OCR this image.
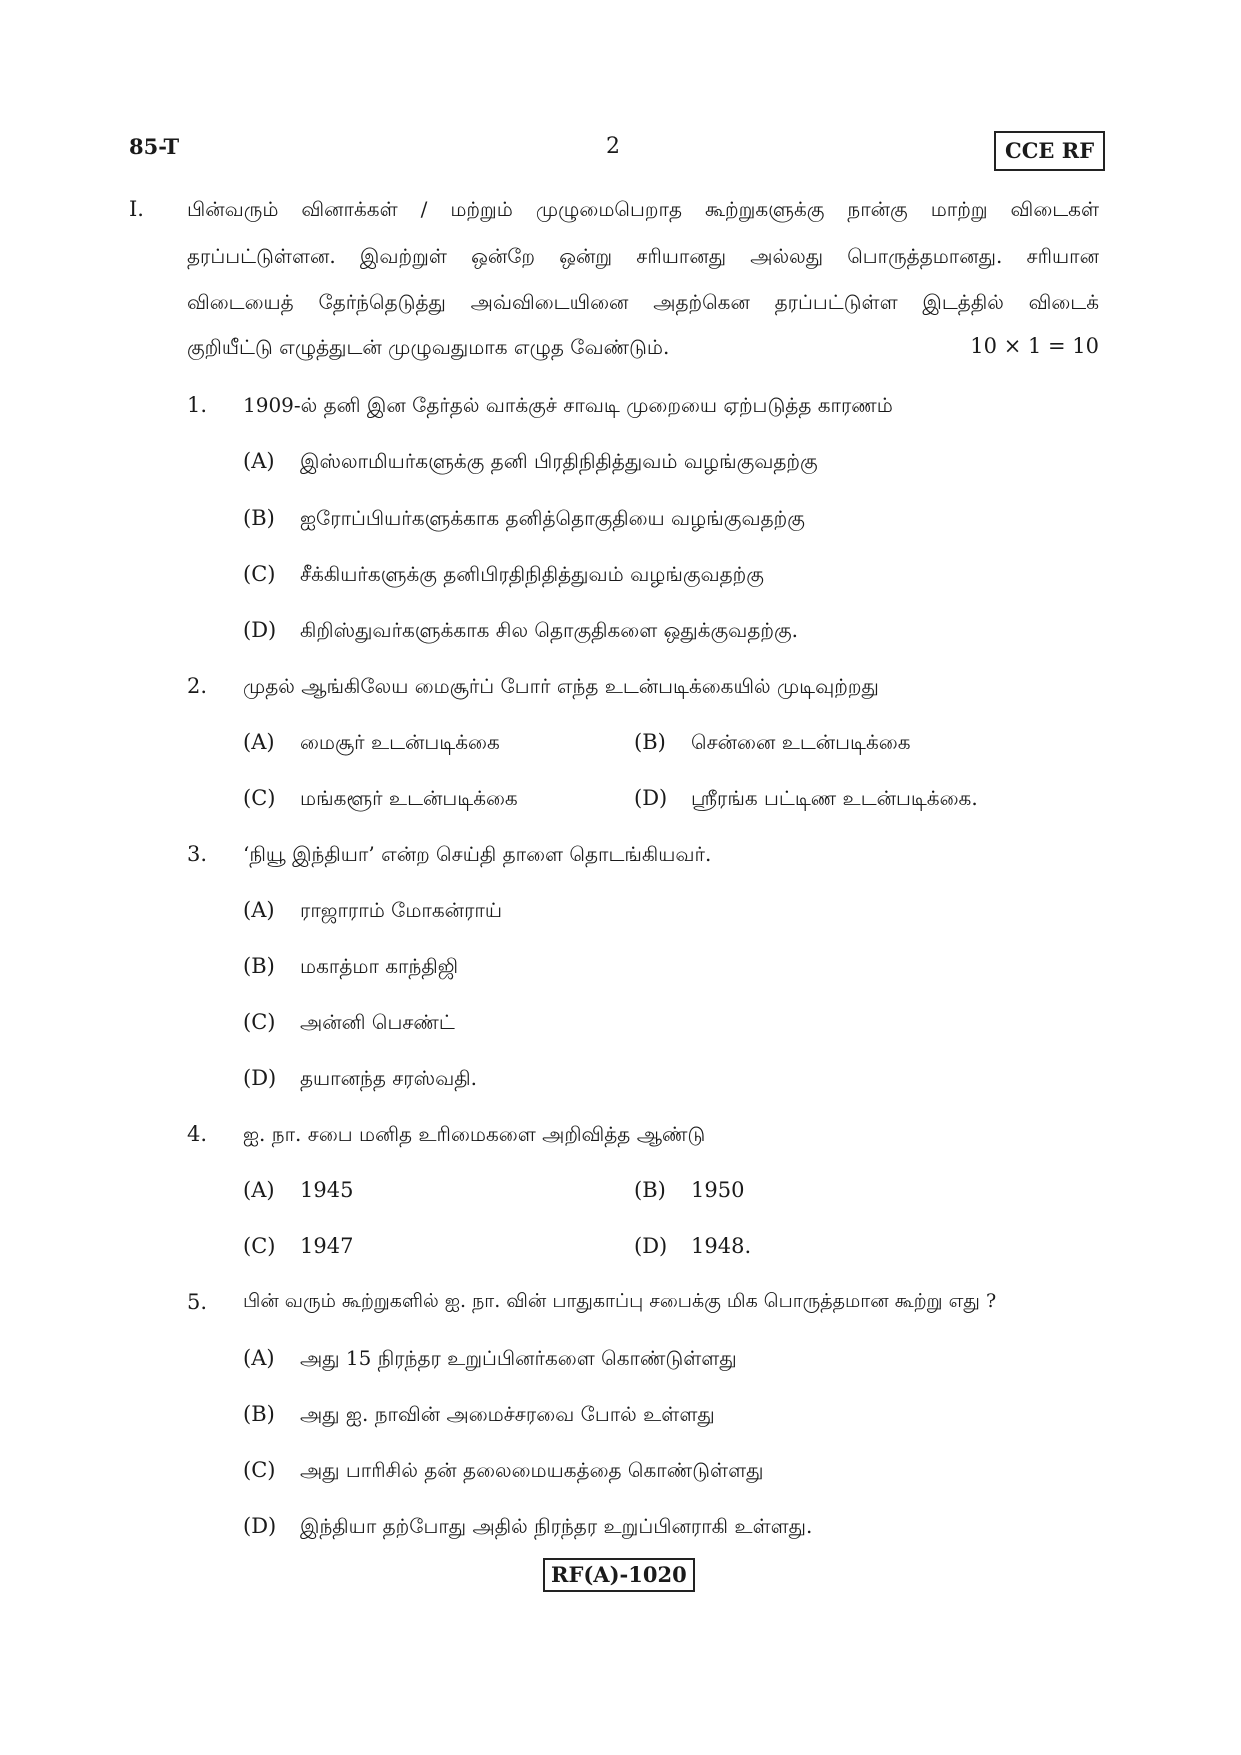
85-T	2	CCE RF
I. பின்வரும் வினாக்கள் / மற்றும் முழுமைபெறாத கூற்றுகளுக்கு நான்கு மாற்று விடைகள்
தரப்பட்டுள்ளன. இவற்றுள் ஒன்றே ஒன்று சரியானது அல்லது பொருத்தமானது. சரியான
விடையைத் தேர்ந்தெடுத்து அவ்விடையினை அதற்கென தரப்பட்டுள்ள இடத்தில் விடைக்
குறியீட்டு எழுத்துடன் முழுவதுமாக எழுத வேண்டும்.	10 × 1 = 10
1. 1909-ல் தனி இன தேர்தல் வாக்குச் சாவடி முறையை ஏற்படுத்த காரணம்
(A) இஸ்லாமியர்களுக்கு தனி பிரதிநிதித்துவம் வழங்குவதற்கு
(B) ஐரோப்பியர்களுக்காக தனித்தொகுதியை வழங்குவதற்கு
(C) சீக்கியர்களுக்கு தனிபிரதிநிதித்துவம் வழங்குவதற்கு
(D) கிறிஸ்துவர்களுக்காக சில தொகுதிகளை ஒதுக்குவதற்கு.
2. முதல் ஆங்கிலேய மைசூர்ப் போர் எந்த உடன்படிக்கையில் முடிவுற்றது
(A) மைசூர் உடன்படிக்கை	(B) சென்னை உடன்படிக்கை
(C) மங்களூர் உடன்படிக்கை	(D) ஸ்ரீரங்க பட்டிண உடன்படிக்கை.
3. ‘நியூ இந்தியா’ என்ற செய்தி தாளை தொடங்கியவர்.
(A) ராஜாராம் மோகன்ராய்
(B) மகாத்மா காந்திஜி
(C) அன்னி பெசண்ட்
(D) தயானந்த சரஸ்வதி.
4. ஐ. நா. சபை மனித உரிமைகளை அறிவித்த ஆண்டு
(A) 1945	(B) 1950
(C) 1947	(D) 1948.
5. பின் வரும் கூற்றுகளில் ஐ. நா. வின் பாதுகாப்பு சபைக்கு மிக பொருத்தமான கூற்று எது ?
(A) அது 15 நிரந்தர உறுப்பினர்களை கொண்டுள்ளது
(B) அது ஐ. நாவின் அமைச்சரவை போல் உள்ளது
(C) அது பாரிசில் தன் தலைமையகத்தை கொண்டுள்ளது
(D) இந்தியா தற்போது அதில் நிரந்தர உறுப்பினராகி உள்ளது.
RF(A)-1020
